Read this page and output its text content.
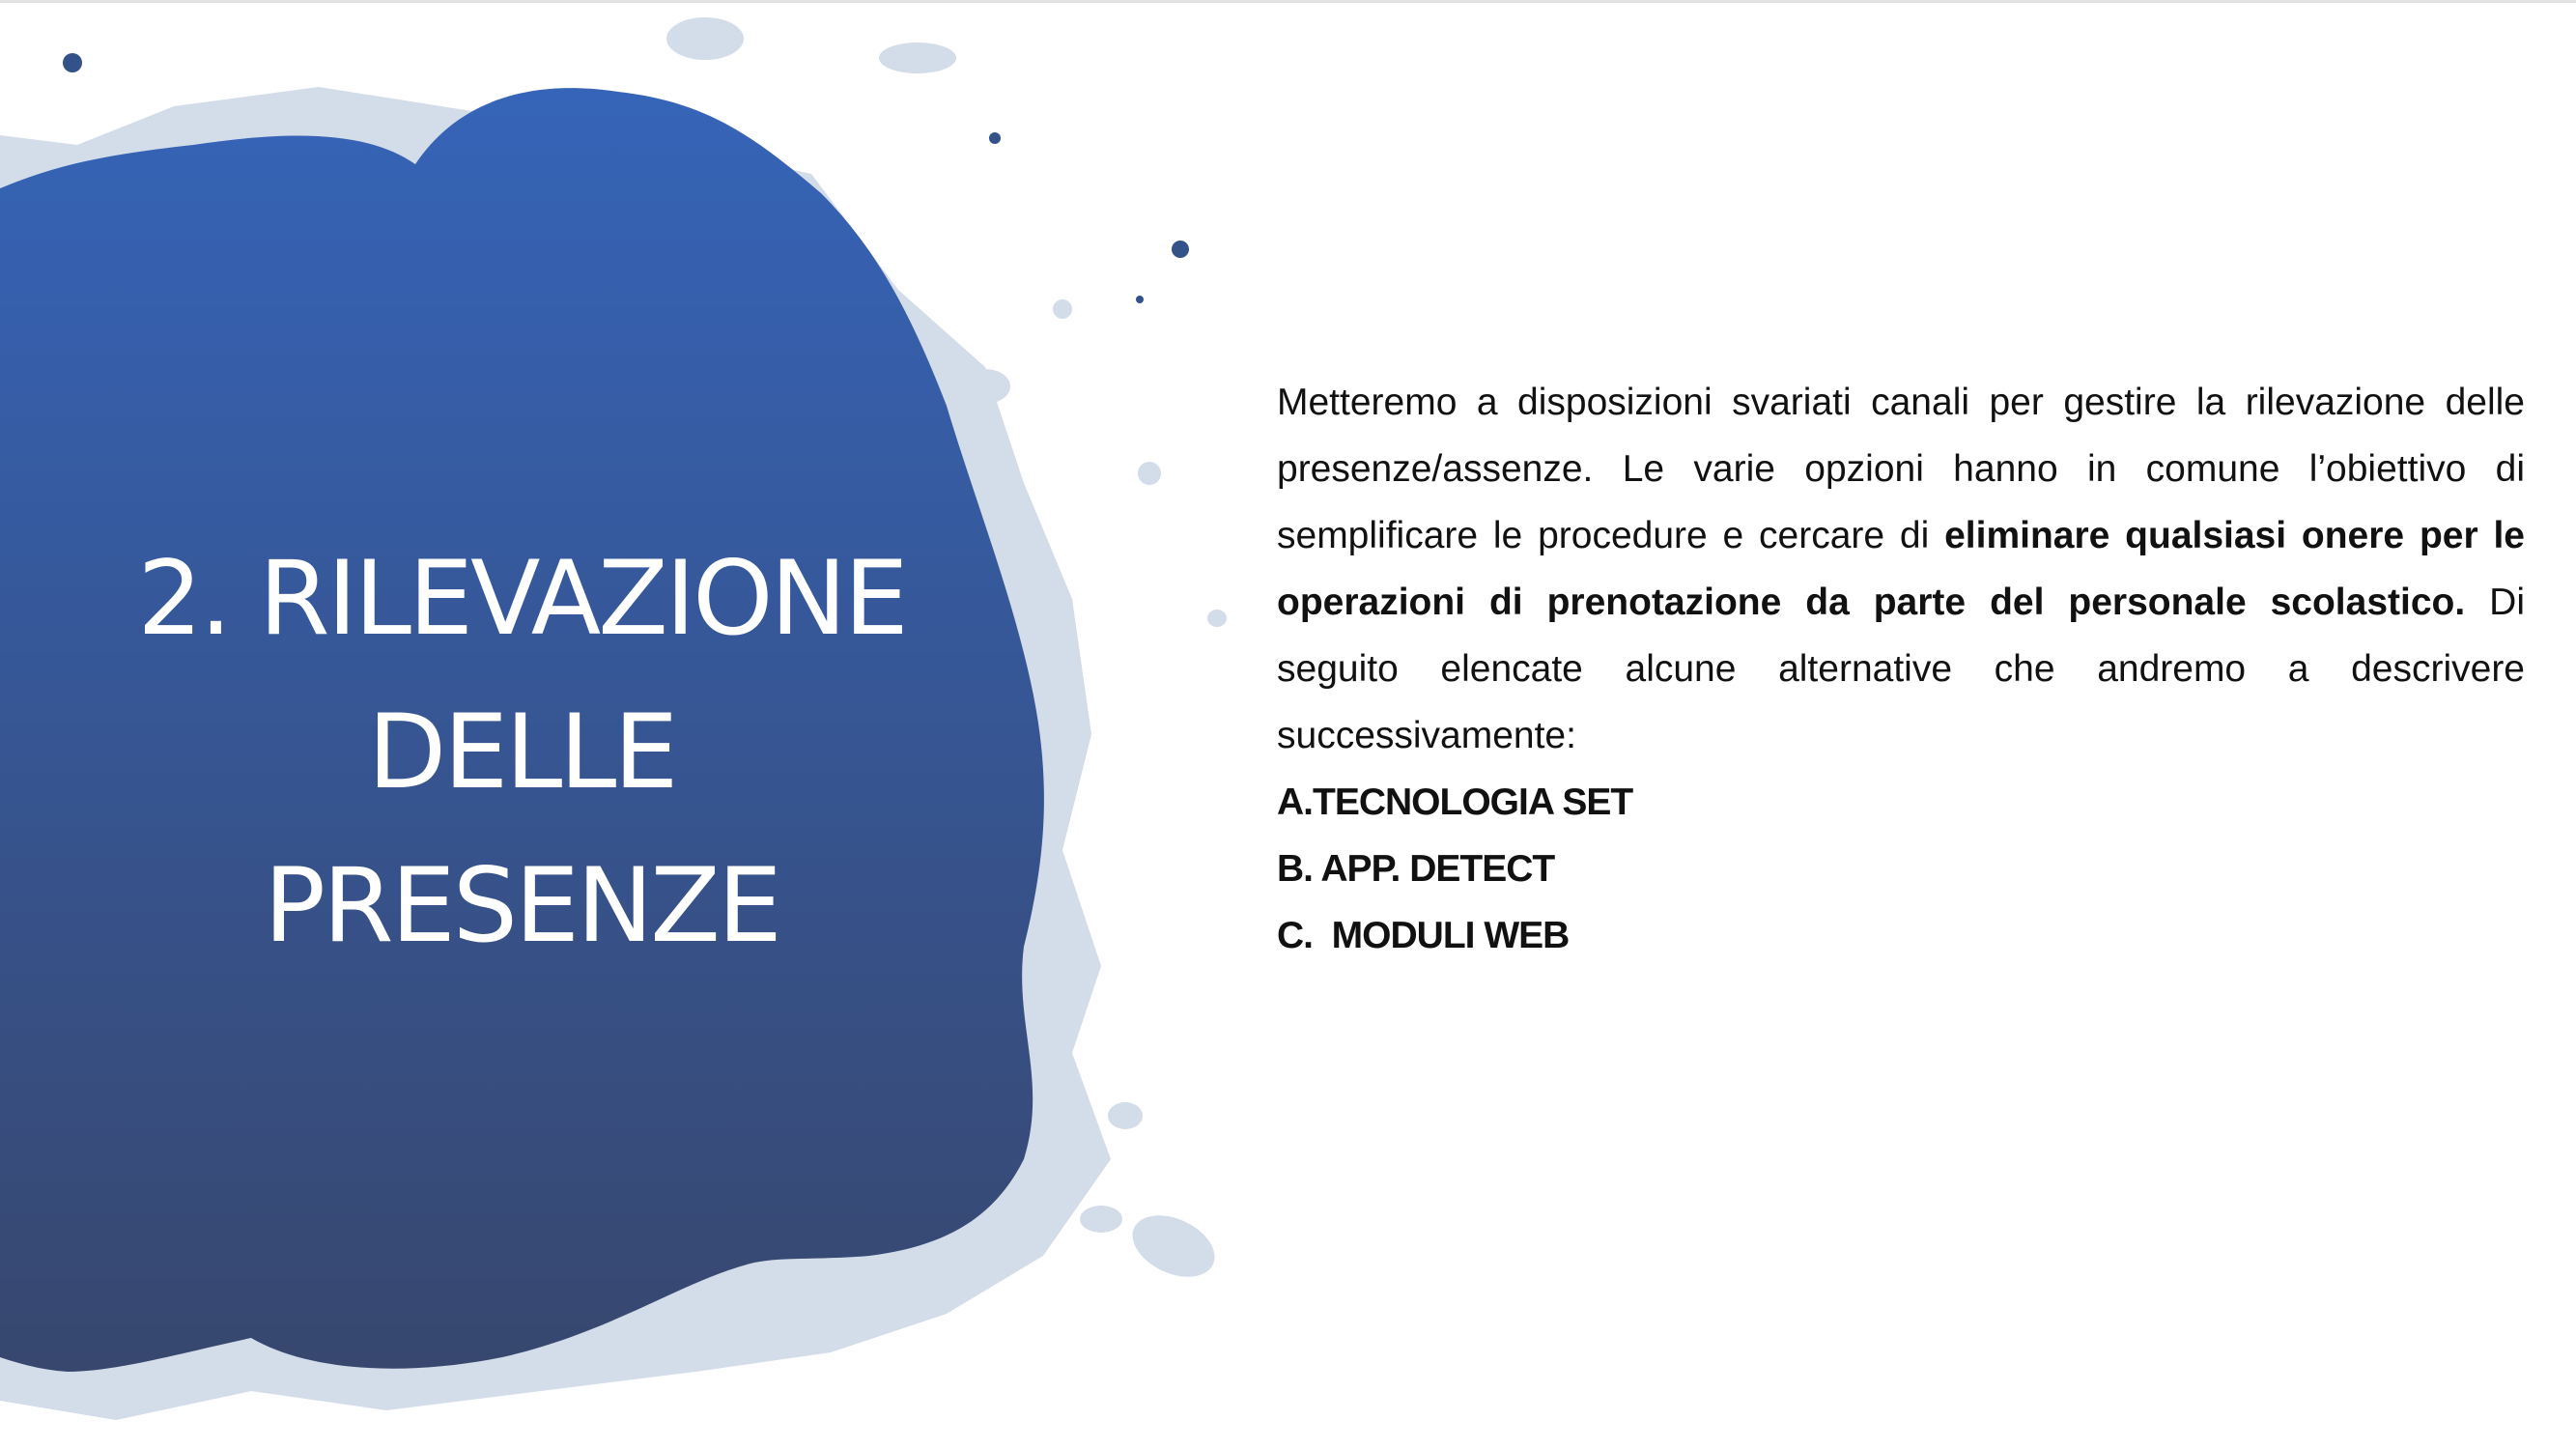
2. RILEVAZIONE
DELLE
PRESENZE

Metteremo a disposizioni svariati canali per gestire la rilevazione delle presenze/assenze. Le varie opzioni hanno in comune l’obiettivo di semplificare le procedure e cercare di eliminare qualsiasi onere per le operazioni di prenotazione da parte del personale scolastico. Di seguito elencate alcune alternative che andremo a descrivere successivamente:

A.TECNOLOGIA SET
B. APP. DETECT
C.  MODULI WEB
